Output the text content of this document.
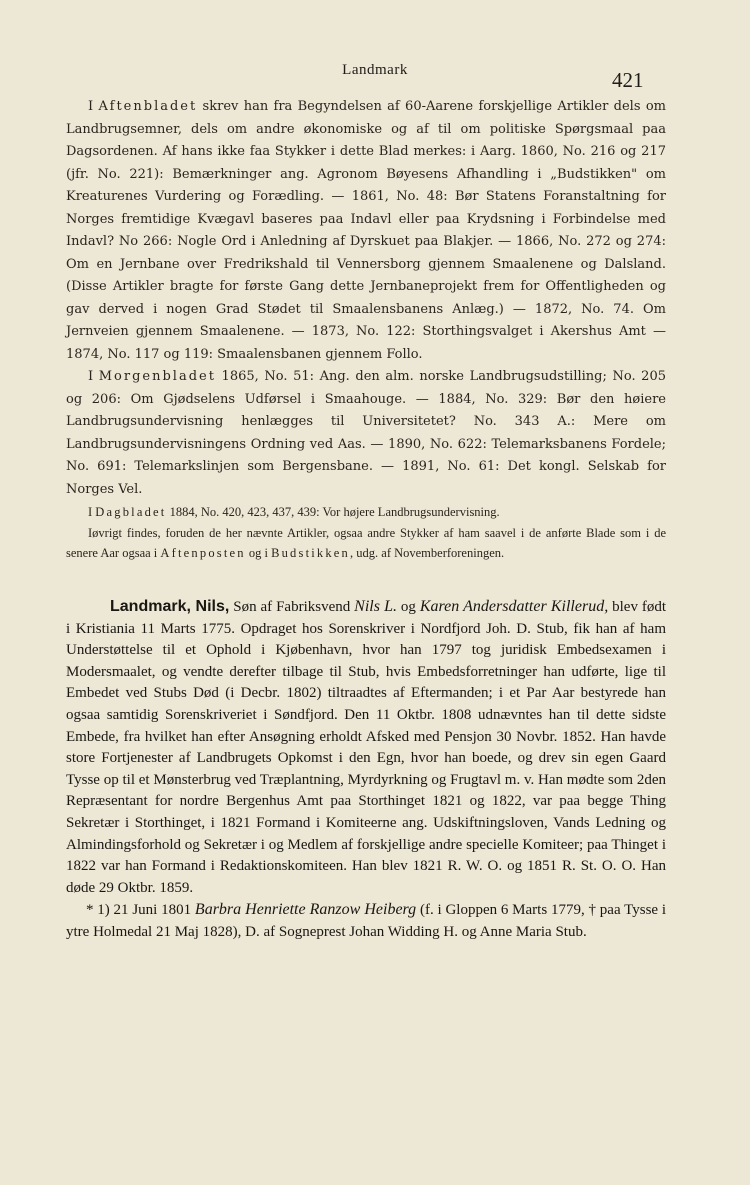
Landmark	421

I Aftenbladet skrev han fra Begyndelsen af 60-Aarene forskjellige Artikler dels om Landbrugsemner, dels om andre økonomiske og af til om politiske Spørgsmaal paa Dagsordenen. Af hans ikke faa Stykker i dette Blad merkes: i Aarg. 1860, No. 216 og 217 (jfr. No. 221): Bemærkninger ang. Agronom Bøyesens Afhandling i „Budstikken" om Kreaturenes Vurdering og Forædling. — 1861, No. 48: Bør Statens Foranstaltning for Norges fremtidige Kvægavl baseres paa Indavl eller paa Krydsning i Forbindelse med Indavl? No 266: Nogle Ord i Anledning af Dyrskuet paa Blakjer. — 1866, No. 272 og 274: Om en Jernbane over Fredrikshald til Vennersborg gjennem Smaalenene og Dalsland. (Disse Artikler bragte for første Gang dette Jernbaneprojekt frem for Offentligheden og gav derved i nogen Grad Stødet til Smaalensbanens Anlæg.) — 1872, No. 74. Om Jernveien gjennem Smaalenene. — 1873, No. 122: Storthingsvalget i Akershus Amt — 1874, No. 117 og 119: Smaalensbanen gjennem Follo.

I Morgenbladet 1865, No. 51: Ang. den alm. norske Landbrugsudstilling; No. 205 og 206: Om Gjødselens Udførsel i Smaahouge. — 1884, No. 329: Bør den høiere Landbrugsundervisning henlægges til Universitetet? No. 343 A.: Mere om Landbrugsundervisningens Ordning ved Aas. — 1890, No. 622: Telemarksbanens Fordele; No. 691: Telemarkslinjen som Bergensbane. — 1891, No. 61: Det kongl. Selskab for Norges Vel.

I Dagbladet 1884, No. 420, 423, 437, 439: Vor højere Landbrugsundervisning.

Iøvrigt findes, foruden de her nævnte Artikler, ogsaa andre Stykker af ham saavel i de anførte Blade som i de senere Aar ogsaa i Aftenposten og i Budstikken, udg. af Novemberforeningen.

Landmark, Nils, Søn af Fabriksvend Nils L. og Karen Andersdatter Killerud, blev født i Kristiania 11 Marts 1775. Opdraget hos Sorenskriver i Nordfjord Joh. D. Stub, fik han af ham Understøttelse til et Ophold i Kjøbenhavn, hvor han 1797 tog juridisk Embedsexamen i Modersmaalet, og vendte derefter tilbage til Stub, hvis Embedsforretninger han udførte, lige til Embedet ved Stubs Død (i Decbr. 1802) tiltraadtes af Eftermanden; i et Par Aar bestyrede han ogsaa samtidig Sorenskriveriet i Søndfjord. Den 11 Oktbr. 1808 udnævntes han til dette sidste Embede, fra hvilket han efter Ansøgning erholdt Afsked med Pensjon 30 Novbr. 1852. Han havde store Fortjenester af Landbrugets Opkomst i den Egn, hvor han boede, og drev sin egen Gaard Tysse op til et Mønsterbrug ved Træplantning, Myrdyrkning og Frugtavl m. v. Han mødte som 2den Repræsentant for nordre Bergenhus Amt paa Storthinget 1821 og 1822, var paa begge Thing Sekretær i Storthinget, i 1821 Formand i Komiteerne ang. Udskiftningsloven, Vands Ledning og Almindingsforhold og Sekretær i og Medlem af forskjellige andre specielle Komiteer; paa Thinget i 1822 var han Formand i Redaktionskomiteen. Han blev 1821 R. W. O. og 1851 R. St. O. O. Han døde 29 Oktbr. 1859.

* 1) 21 Juni 1801 Barbra Henriette Ranzow Heiberg (f. i Gloppen 6 Marts 1779, † paa Tysse i ytre Holmedal 21 Maj 1828), D. af Sogneprest Johan Widding H. og Anne Maria Stub.
